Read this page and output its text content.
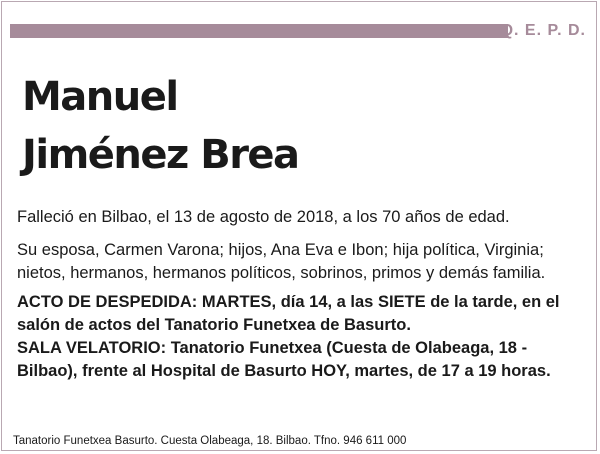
Q. E. P. D.
Manuel
Jiménez Brea

Falleció en Bilbao, el 13 de agosto de 2018, a los 70 años de edad.

Su esposa, Carmen Varona; hijos, Ana Eva e Ibon; hija política, Virginia; nietos, hermanos, hermanos políticos, sobrinos, primos y demás familia.

ACTO DE DESPEDIDA: MARTES, día 14, a las SIETE de la tarde, en el salón de actos del Tanatorio Funetxea de Basurto.

SALA VELATORIO: Tanatorio Funetxea (Cuesta de Olabeaga, 18 - Bilbao), frente al Hospital de Basurto HOY, martes, de 17 a 19 horas.

Tanatorio Funetxea Basurto. Cuesta Olabeaga, 18. Bilbao. Tfno. 946 611 000
